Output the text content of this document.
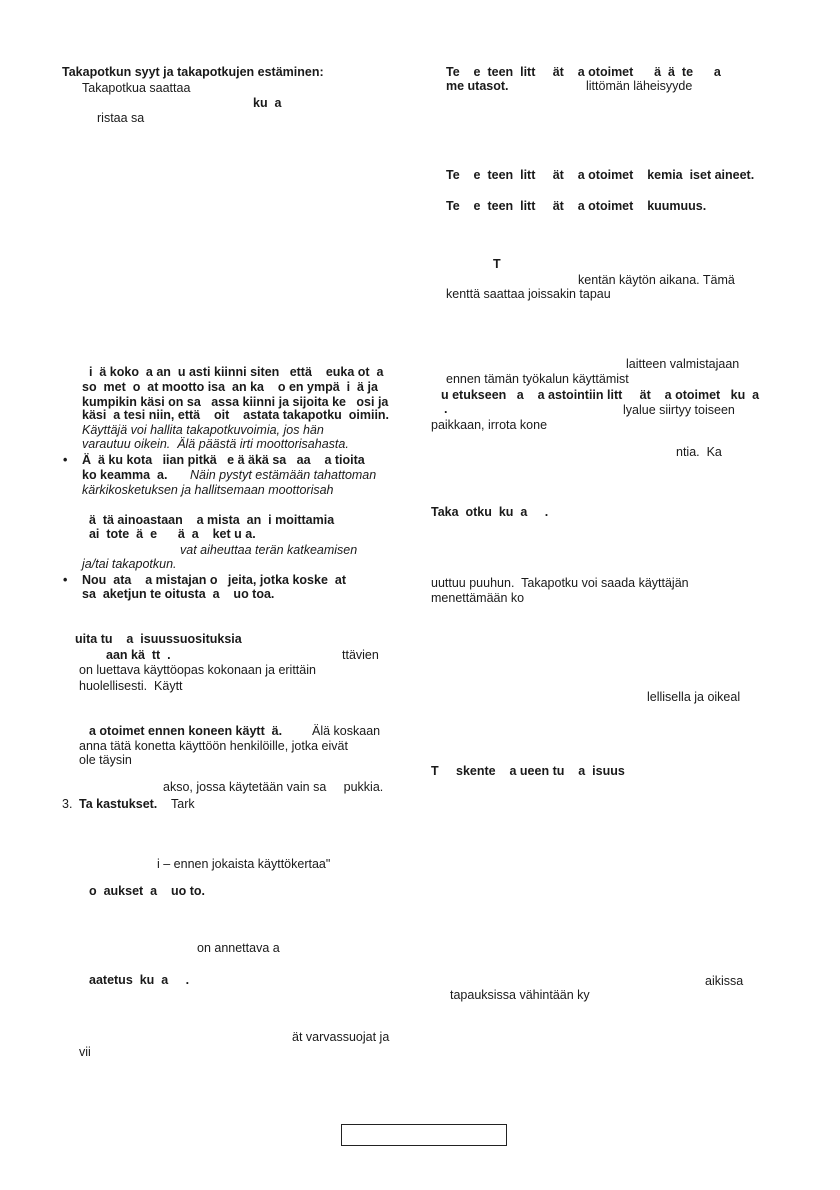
Takapotkun syyt ja takapotkujen estäminen:
Takapotkua saattaa
ku  a
ristaa sa
i  ä koko  a an  u asti kiinni siten   että    euka ot  a
so  met  o  at mootto isa  an ka    o en ympä  i  ä ja
kumpikin käsi on sa   assa kiinni ja sijoita ke   osi ja
käsi  a tesi niin, että    oit    astata takapotku  oimiin.
Käyttäjä voi hallita takapotkuvoimia, jos hän
varautuu oikein.  Älä päästä irti moottorisahasta.
• Ä  ä ku kota   iian pitkä   e ä äkä sa   aa    a tioita
ko keamma  a. Näin pystyt estämään tahattoman
kärkikosketuksen ja hallitsemaan moottorisah
ä  tä ainoastaan    a mista  an  i moittamia
ai  tote  ä  e      ä  a    ket u a.
vat aiheuttaa terän katkeamisen
ja/tai takapotkun.
• Nou  ata    a mistajan o   jeita, jotka koske  at
sa  aketjun te oitusta  a    uo toa.
uita tu    a  isuussuosituksia
aan kä  tt  .	ttävien
on luettava käyttöopas kokonaan ja erittäin
huolellisesti.  Käytt
a otoimet ennen koneen käytt  ä. Älä koskaan
anna tätä konetta käyttöön henkilöille, jotka eivät
ole täysin
akso, jossa käytetään vain sa     pukkia.
3. Ta kastukset. Tark
i – ennen jokaista käyttökertaa"
o  aukset  a    uo to.
on annettava a
aatetus  ku  a     .
ät varvassuojat ja
vii
Te    e  teen  litt     ät    a otoimet      ä  ä  te      a
me utasot.	littömän läheisyyde
Te    e  teen  litt     ät    a otoimet    kemia  iset aineet.
Te    e  teen  litt     ät    a otoimet    kuumuus.
T
kentän käytön aikana. Tämä
kenttä saattaa joissakin tapau
laitteen valmistajaan
ennen tämän työkalun käyttämist
u etukseen   a    a astointiin litt     ät    a otoimet   ku  a
.	lyalue siirtyy toiseen
paikkaan, irrota kone
ntia.  Ka
Taka  otku  ku  a     .
uuttuu puuhun.  Takapotku voi saada käyttäjän
menettämään ko
lellisella ja oikeal
T     skente    a ueen tu    a  isuus
aikissa
tapauksissa vähintään ky
